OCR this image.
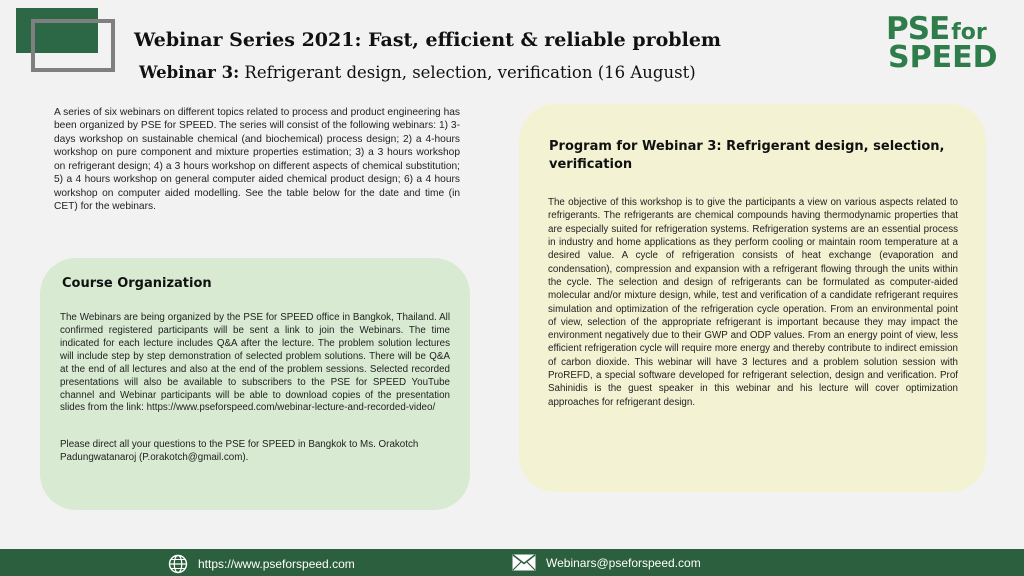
Webinar Series 2021: Fast, efficient & reliable problem
Webinar 3: Refrigerant design, selection, verification (16 August)
PSEfor
SPEED
A series of six webinars on different topics related to process and product engineering has been organized by PSE for SPEED. The series will consist of the following webinars: 1) 3-days workshop on sustainable chemical (and biochemical) process design; 2) a 4-hours workshop on pure component and mixture properties estimation; 3) a 3 hours workshop on refrigerant design; 4) a 3 hours workshop on different aspects of chemical substitution; 5) a 4 hours workshop on general computer aided chemical product design; 6) a 4 hours workshop on computer aided modelling. See the table below for the date and time (in CET) for the webinars.
Course Organization
The Webinars are being organized by the PSE for SPEED office in Bangkok, Thailand. All confirmed registered participants will be sent a link to join the Webinars. The time indicated for each lecture includes Q&A after the lecture. The problem solution lectures will include step by step demonstration of selected problem solutions. There will be Q&A at the end of all lectures and also at the end of the problem sessions. Selected recorded presentations will also be available to subscribers to the PSE for SPEED YouTube channel and Webinar participants will be able to download copies of the presentation slides from the link: https://www.pseforspeed.com/webinar-lecture-and-recorded-video/
Please direct all your questions to the PSE for SPEED in Bangkok to Ms. Orakotch Padungwatanaroj (P.orakotch@gmail.com).
Program for Webinar 3: Refrigerant design, selection, verification
The objective of this workshop is to give the participants a view on various aspects related to refrigerants. The refrigerants are chemical compounds having thermodynamic properties that are especially suited for refrigeration systems. Refrigeration systems are an essential process in industry and home applications as they perform cooling or maintain room temperature at a desired value. A cycle of refrigeration consists of heat exchange (evaporation and condensation), compression and expansion with a refrigerant flowing through the units within the cycle. The selection and design of refrigerants can be formulated as computer-aided molecular and/or mixture design, while, test and verification of a candidate refrigerant requires simulation and optimization of the refrigeration cycle operation. From an environmental point of view, selection of the appropriate refrigerant is important because they may impact the environment negatively due to their GWP and ODP values. From an energy point of view, less efficient refrigeration cycle will require more energy and thereby contribute to indirect emission of carbon dioxide. This webinar will have 3 lectures and a problem solution session with ProREFD, a special software developed for refrigerant selection, design and verification. Prof Sahinidis is the guest speaker in this webinar and his lecture will cover optimization approaches for refrigerant design.
https://www.pseforspeed.com	Webinars@pseforspeed.com
